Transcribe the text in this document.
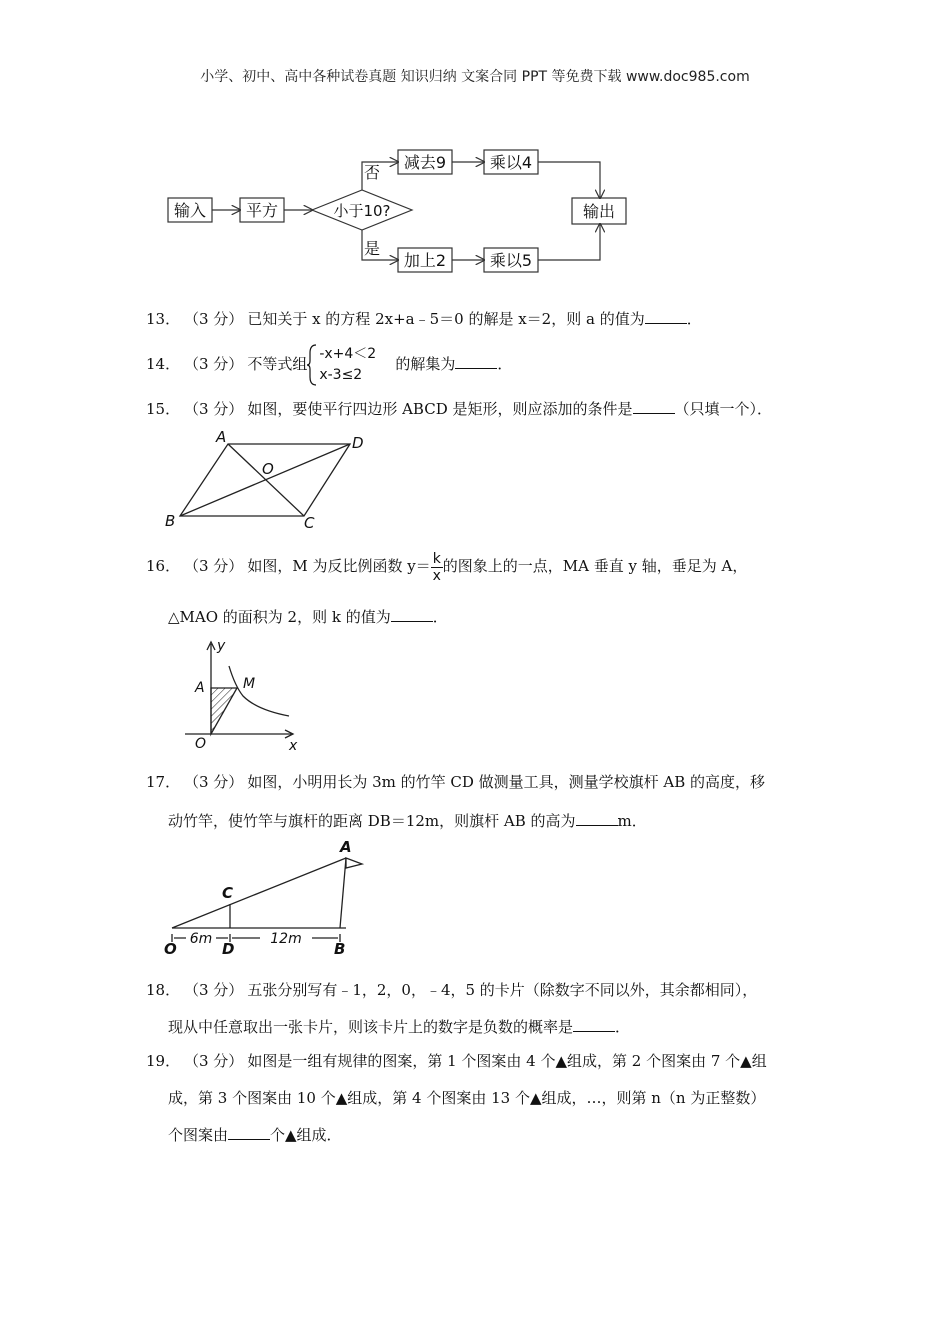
小学、初中、高中各种试卷真题 知识归纳 文案合同 PPT 等免费下载 www.doc985.com
输入 平方	小于10?
否
是
减去9	乘以4
加上2	乘以5
输出
13． （3 分） 已知关于 x 的方程 2x+a﹣5＝0 的解是 x＝2，则 a 的值为	．
14． （3 分） 不等式组
-x+4＜2
x-3≤2
的解集为	．
15． （3 分） 如图，要使平行四边形 ABCD 是矩形，则应添加的条件是	（只填一个）．
A	D
O
B	C
16． （3 分） 如图，M 为反比例函数 $y= \frac{k}{x}$ 的图象上的一点，MA 垂直 y 轴，垂足为 A，
△MAO 的面积为 2，则 k 的值为	．
y
x
A	M
O
17． （3 分） 如图，小明用长为 3m 的竹竿 CD 做测量工具，测量学校旗杆 AB 的高度，移
动竹竿，使竹竿与旗杆的距离 DB＝12m，则旗杆 AB 的高为	m．
A
C
O	D	B
6m	12m
18． （3 分） 五张分别写有﹣1，2，0，﹣4，5 的卡片（除数字不同以外，其余都相同），
现从中任意取出一张卡片，则该卡片上的数字是负数的概率是	．
19． （3 分） 如图是一组有规律的图案，第 1 个图案由 4 个▲组成，第 2 个图案由 7 个▲组
成，第 3 个图案由 10 个▲组成，第 4 个图案由 13 个▲组成，…，则第 n（n 为正整数）
个图案由	个▲组成．
